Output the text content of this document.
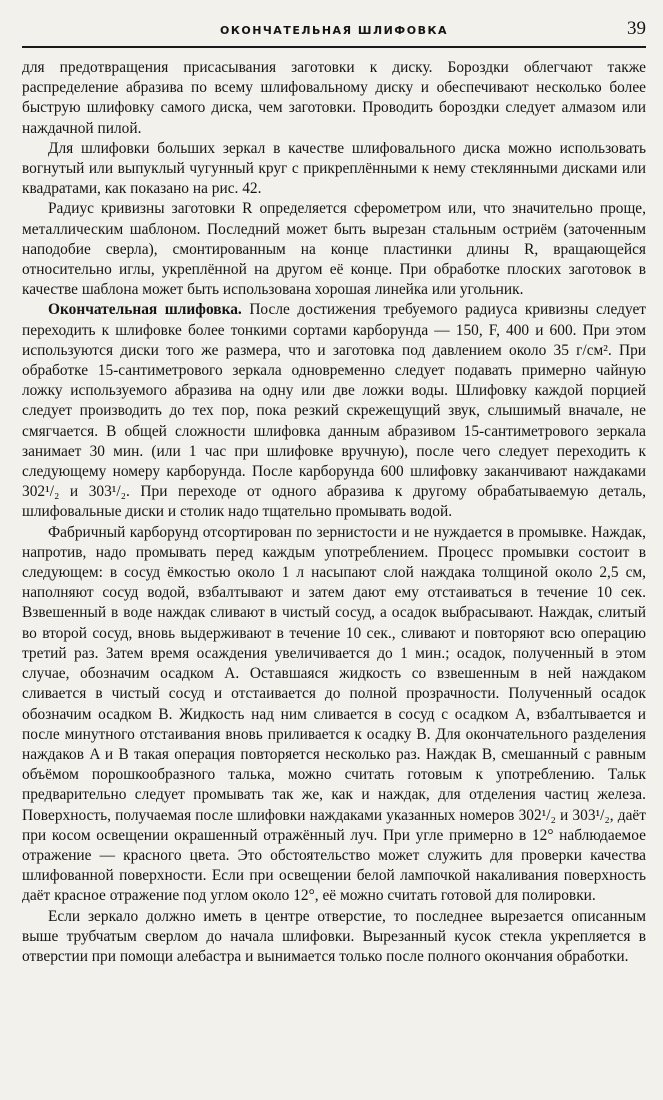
ОКОНЧАТЕЛЬНАЯ ШЛИФОВКА	39

для предотвращения присасывания заготовки к диску. Бороздки облегчают также распределение абразива по всему шлифовальному диску и обеспечивают несколько более быструю шлифовку самого диска, чем заготовки. Проводить бороздки следует алмазом или наждачной пилой.

Для шлифовки больших зеркал в качестве шлифовального диска можно использовать вогнутый или выпуклый чугунный круг с прикреплёнными к нему стеклянными дисками или квадратами, как показано на рис. 42.

Радиус кривизны заготовки R определяется сферометром или, что значительно проще, металлическим шаблоном. Последний может быть вырезан стальным остриём (заточенным наподобие сверла), смонтированным на конце пластинки длины R, вращающейся относительно иглы, укреплённой на другом её конце. При обработке плоских заготовок в качестве шаблона может быть использована хорошая линейка или угольник.

Окончательная шлифовка. После достижения требуемого радиуса кривизны следует переходить к шлифовке более тонкими сортами карборунда — 150, F, 400 и 600. При этом используются диски того же размера, что и заготовка под давлением около 35 г/см². При обработке 15-сантиметрового зеркала одновременно следует подавать примерно чайную ложку используемого абразива на одну или две ложки воды. Шлифовку каждой порцией следует производить до тех пор, пока резкий скрежещущий звук, слышимый вначале, не смягчается. В общей сложности шлифовка данным абразивом 15-сантиметрового зеркала занимает 30 мин. (или 1 час при шлифовке вручную), после чего следует переходить к следующему номеру карборунда. После карборунда 600 шлифовку заканчивают наждаками 302¹/₂ и 303¹/₂. При переходе от одного абразива к другому обрабатываемую деталь, шлифовальные диски и столик надо тщательно промывать водой.

Фабричный карборунд отсортирован по зернистости и не нуждается в промывке. Наждак, напротив, надо промывать перед каждым употреблением. Процесс промывки состоит в следующем: в сосуд ёмкостью около 1 л насыпают слой наждака толщиной около 2,5 см, наполняют сосуд водой, взбалтывают и затем дают ему отстаиваться в течение 10 сек. Взвешенный в воде наждак сливают в чистый сосуд, а осадок выбрасывают. Наждак, слитый во второй сосуд, вновь выдерживают в течение 10 сек., сливают и повторяют всю операцию третий раз. Затем время осаждения увеличивается до 1 мин.; осадок, полученный в этом случае, обозначим осадком A. Оставшаяся жидкость со взвешенным в ней наждаком сливается в чистый сосуд и отстаивается до полной прозрачности. Полученный осадок обозначим осадком B. Жидкость над ним сливается в сосуд с осадком A, взбалтывается и после минутного отстаивания вновь приливается к осадку B. Для окончательного разделения наждаков A и B такая операция повторяется несколько раз. Наждак B, смешанный с равным объёмом порошкообразного талька, можно считать готовым к употреблению. Тальк предварительно следует промывать так же, как и наждак, для отделения частиц железа. Поверхность, получаемая после шлифовки наждаками указанных номеров 302¹/₂ и 303¹/₂, даёт при косом освещении окрашенный отражённый луч. При угле примерно в 12° наблюдаемое отражение — красного цвета. Это обстоятельство может служить для проверки качества шлифованной поверхности. Если при освещении белой лампочкой накаливания поверхность даёт красное отражение под углом около 12°, её можно считать готовой для полировки.

Если зеркало должно иметь в центре отверстие, то последнее вырезается описанным выше трубчатым сверлом до начала шлифовки. Вырезанный кусок стекла укрепляется в отверстии при помощи алебастра и вынимается только после полного окончания обработки.
